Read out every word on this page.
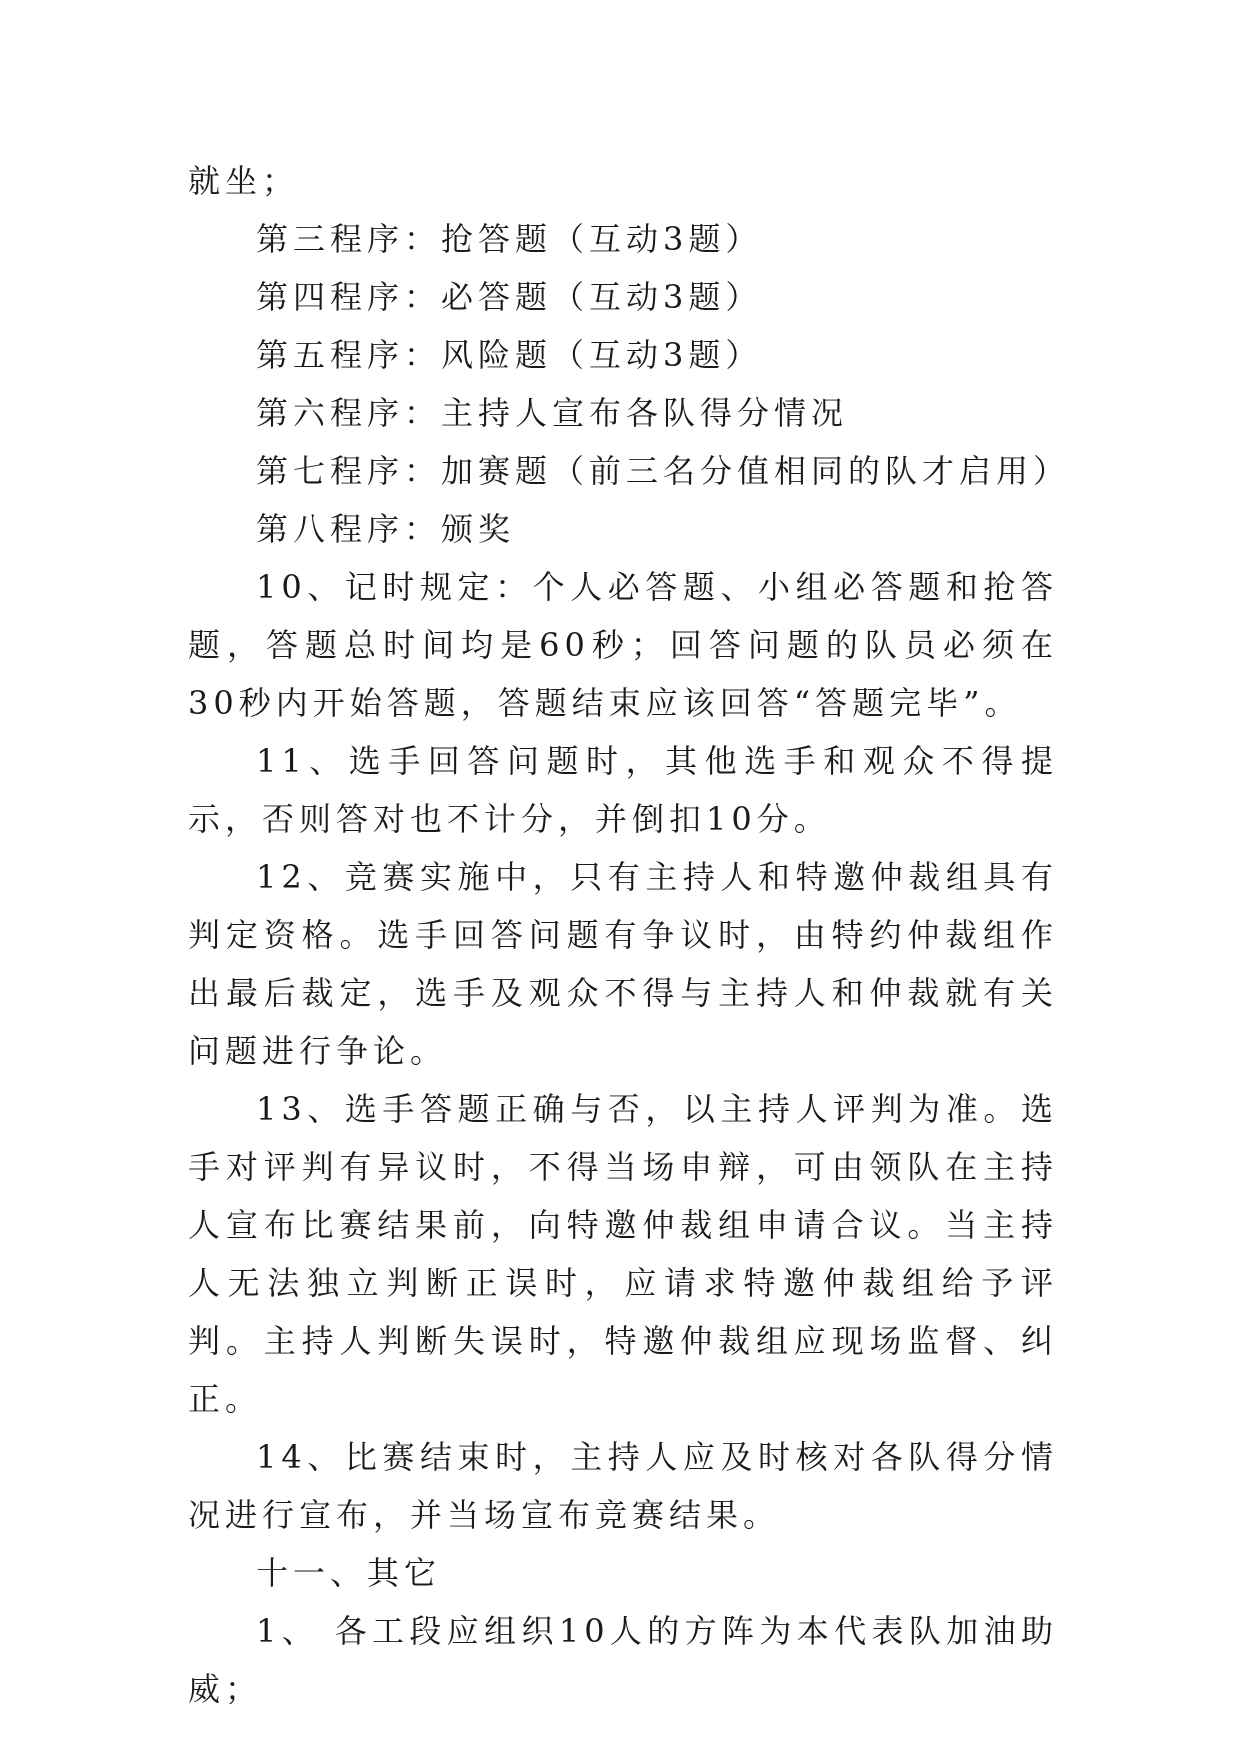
就坐；

第三程序：抢答题（互动3题）

第四程序：必答题（互动3题）

第五程序：风险题（互动3题）

第六程序：主持人宣布各队得分情况

第七程序：加赛题（前三名分值相同的队才启用）

第八程序：颁奖

10、记时规定：个人必答题、小组必答题和抢答题，答题总时间均是60秒；回答问题的队员必须在30秒内开始答题，答题结束应该回答“答题完毕”。

11、选手回答问题时，其他选手和观众不得提示，否则答对也不计分，并倒扣10分。

12、竞赛实施中，只有主持人和特邀仲裁组具有判定资格。选手回答问题有争议时，由特约仲裁组作出最后裁定，选手及观众不得与主持人和仲裁就有关问题进行争论。

13、选手答题正确与否，以主持人评判为准。选手对评判有异议时，不得当场申辩，可由领队在主持人宣布比赛结果前，向特邀仲裁组申请合议。当主持人无法独立判断正误时，应请求特邀仲裁组给予评判。主持人判断失误时，特邀仲裁组应现场监督、纠正。

14、比赛结束时，主持人应及时核对各队得分情况进行宣布，并当场宣布竞赛结果。

十一、其它

1、 各工段应组织10人的方阵为本代表队加油助威；
